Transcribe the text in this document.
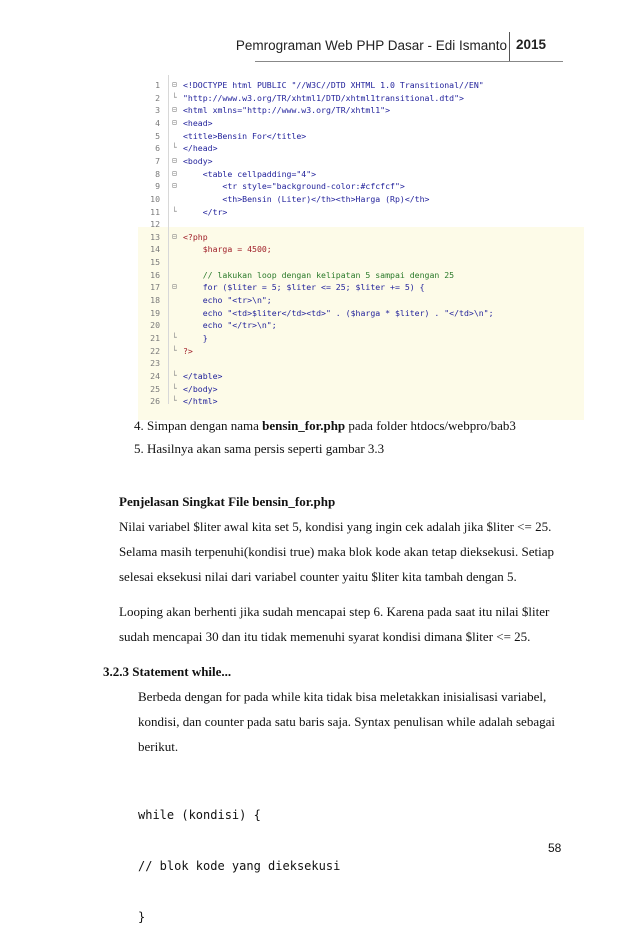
Pemrograman Web PHP Dasar - Edi Ismanto 2015
1 ⊟ <!DOCTYPE html PUBLIC "//W3C//DTD XHTML 1.0 Transitional//EN"
2 └ "http://www.w3.org/TR/xhtml1/DTD/xhtml1transitional.dtd">
3 ⊟ <html xmlns="http://www.w3.org/TR/xhtml1">
4 ⊟ <head>
5	<title>Bensin For</title>
6 └ </head>
7 ⊟ <body>
8 ⊟ <table cellpadding="4">
9 ⊟ <tr style="background-color:#cfcfcf">
10	<th>Bensin (Liter)</th><th>Harga (Rp)</th>
11 └ </tr>
12
13 ⊟ <?php
14	$harga = 4500;
15
16	// lakukan loop dengan kelipatan 5 sampai dengan 25
17 ⊟ for ($liter = 5; $liter <= 25; $liter += 5) {
18	echo "<tr>\n";
19	echo "<td>$liter</td><td>" . ($harga * $liter) . "</td>\n";
20	echo "</tr>\n";
21 └ }
22 └ ?>
23
24 └ </table>
25 └ </body>
26 └ </html>
4. Simpan dengan nama bensin_for.php pada folder htdocs/webpro/bab3
5. Hasilnya akan sama persis seperti gambar 3.3
Penjelasan Singkat File bensin_for.php
Nilai variabel $liter awal kita set 5, kondisi yang ingin cek adalah jika $liter <= 25.
Selama masih terpenuhi(kondisi true) maka blok kode akan tetap dieksekusi. Setiap
selesai eksekusi nilai dari variabel counter yaitu $liter kita tambah dengan 5.
Looping akan berhenti jika sudah mencapai step 6. Karena pada saat itu nilai $liter
sudah mencapai 30 dan itu tidak memenuhi syarat kondisi dimana $liter <= 25.
3.2.3 Statement while...
Berbeda dengan for pada while kita tidak bisa meletakkan inisialisasi variabel,
kondisi, dan counter pada satu baris saja. Syntax penulisan while adalah sebagai
berikut.

while (kondisi) {

// blok kode yang dieksekusi

}

58
